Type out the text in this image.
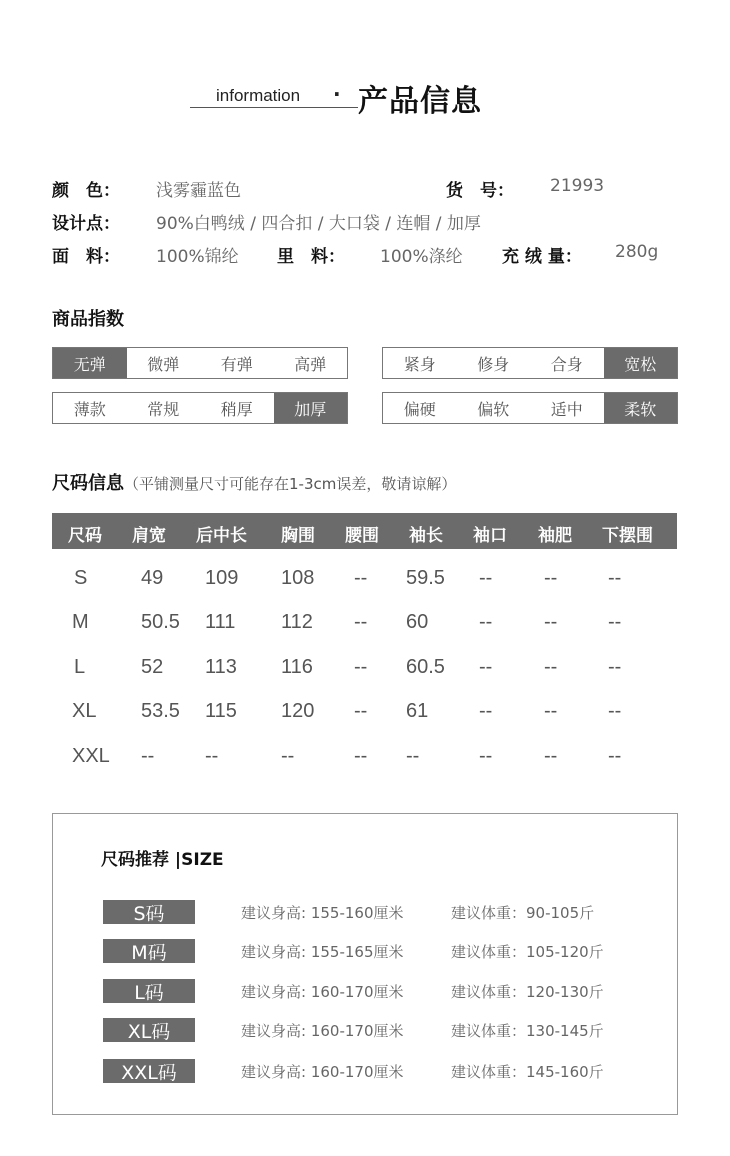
information · 产品信息
颜　色： 浅雾霾蓝色	货　号： 21993
设计点： 90%白鸭绒 / 四合扣 / 大口袋 / 连帽 / 加厚
面　料： 100%锦纶 里　料： 100%涤纶 充 绒 量： 280g
商品指数
无弹	微弹	有弹	高弹	紧身	修身	合身	宽松
薄款	常规	稍厚	加厚	偏硬	偏软	适中	柔软
尺码信息（平铺测量尺寸可能存在1-3cm误差，敬请谅解）
尺码 肩宽 后中长 胸围 腰围 袖长 袖口 袖肥 下摆围
S	49 109 108 -- 59.5 --	--	--
M	50.5 111 112 -- 60	--	--	--
L	52 113 116 -- 60.5 --	--	--
XL 53.5 115 120 -- 61	--	--	--
XXL --	--	--	-- --	--	--	--
尺码推荐 |SIZE
S码	建议身高: 155-160厘米	建议体重：90-105斤
M码	建议身高: 155-165厘米	建议体重：105-120斤
L码	建议身高: 160-170厘米	建议体重：120-130斤
XL码	建议身高: 160-170厘米	建议体重：130-145斤
XXL码	建议身高: 160-170厘米	建议体重：145-160斤
